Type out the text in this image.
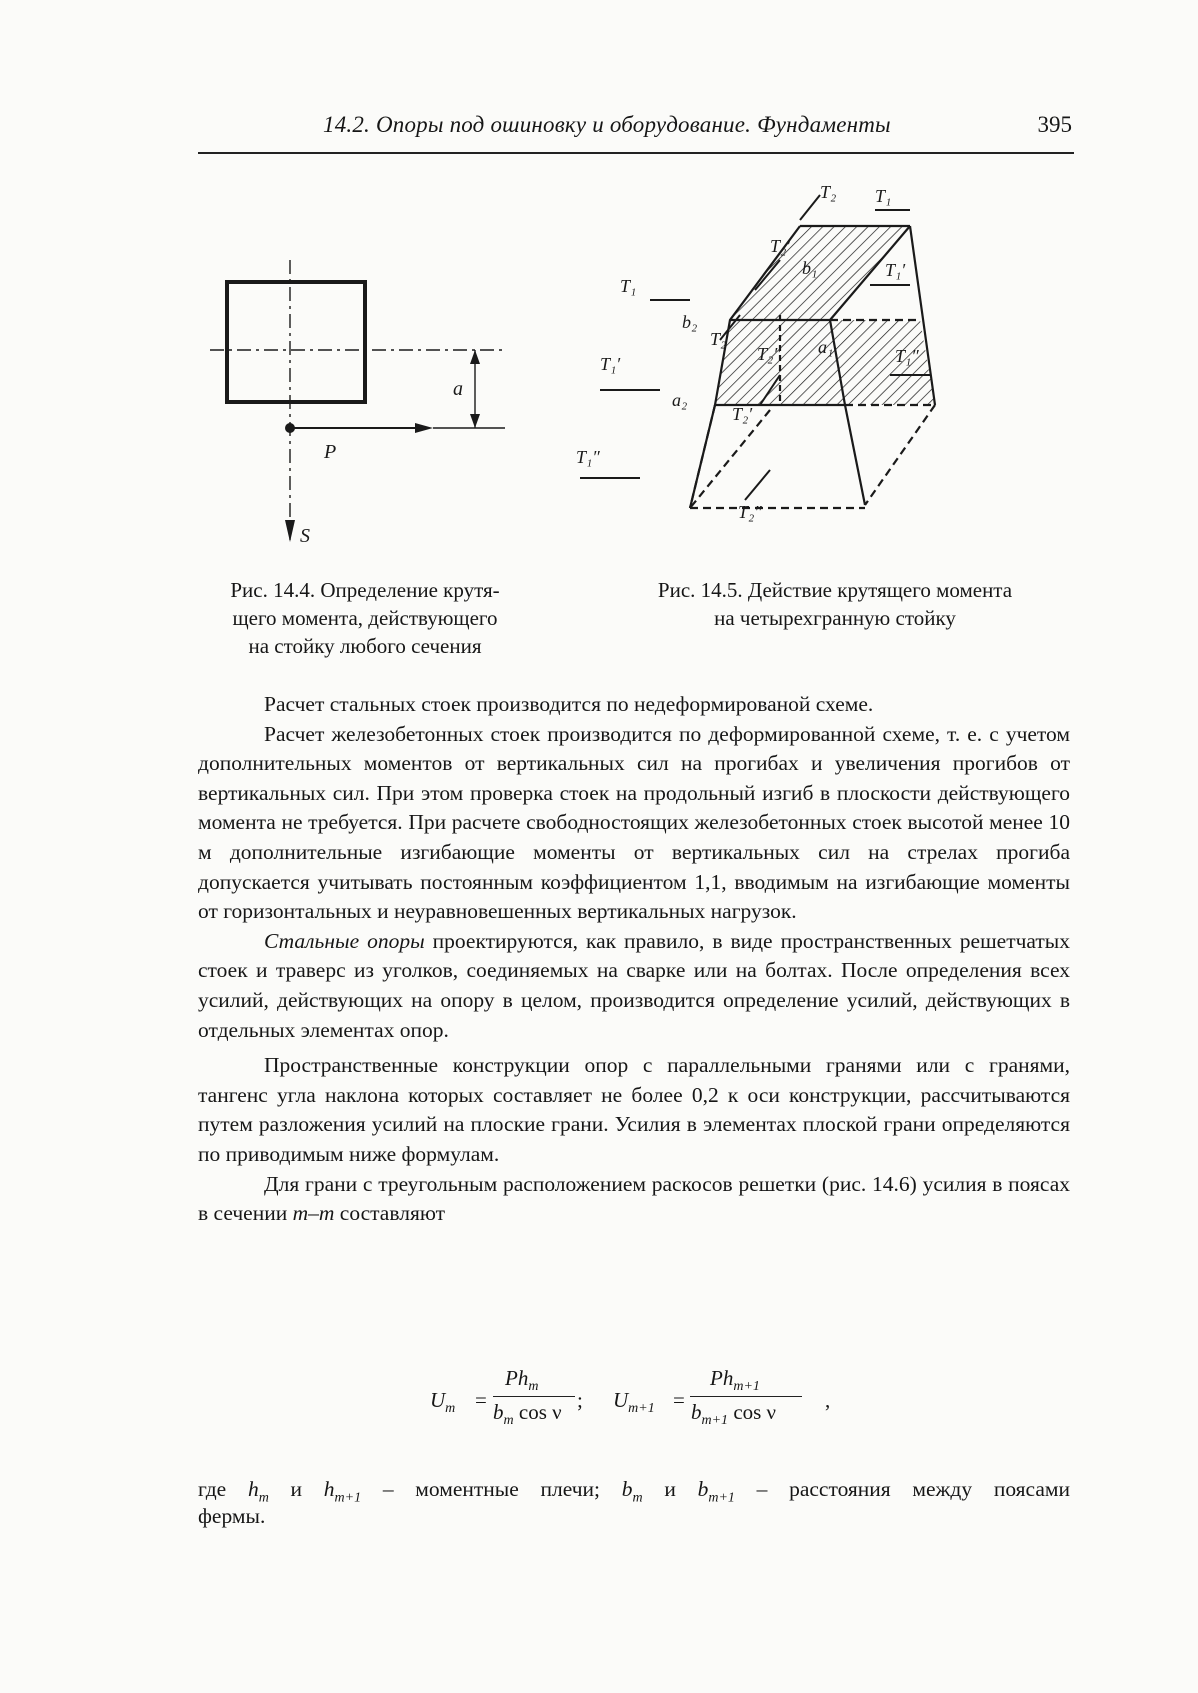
14.2. Опоры под ошиновку и оборудование. Фундаменты	395
a
P
S
Рис. 14.4. Определение крутя-
щего момента, действующего
на стойку любого сечения
T₂ T₁
T₂′
b₁	T₁′
T₁
b₂
T₂
T₂″ a₁	T₁″
T₁′
a₂
T₂′
T₁″
T₂″
Рис. 14.5. Действие крутящего момента
на четырехгранную стойку

Расчет стальных стоек производится по недеформированой схеме.

Расчет железобетонных стоек производится по деформированной схеме, т. е. с учетом дополнительных моментов от вертикальных сил на прогибах и увеличения прогибов от вертикальных сил. При этом проверка стоек на продольный изгиб в плоскости действующего момента не требуется. При расчете свободностоящих железобетонных стоек высотой менее 10 м дополнительные изгибающие моменты от вертикальных сил на стрелах прогиба допускается учитывать постоянным коэффициентом 1,1, вводимым на изгибающие моменты от горизонтальных и неуравновешенных вертикальных нагрузок.

Стальные опоры проектируются, как правило, в виде пространственных решетчатых стоек и траверс из уголков, соединяемых на сварке или на болтах. После определения всех усилий, действующих на опору в целом, производится определение усилий, действующих в отдельных элементах опор.

Пространственные конструкции опор с параллельными гранями или с гранями, тангенс угла наклона которых составляет не более 0,2 к оси конструкции, рассчитываются путем разложения усилий на плоские грани. Усилия в элементах плоской грани определяются по приводимым ниже формулам.

Для грани с треугольным расположением раскосов решетки (рис. 14.6) усилия в поясах в сечении m–m составляют

$U_m$ =
$Ph_m$
$b_m$ cos ν ; $U_{m+1}$ =
$Ph_{m+1}$
$b_{m+1}$ cos ν ,
где $h_m$ и $h_{m+1}$ – моментные плечи; $b_m$ и $b_{m+1}$ – расстояния между поясами
фермы.
